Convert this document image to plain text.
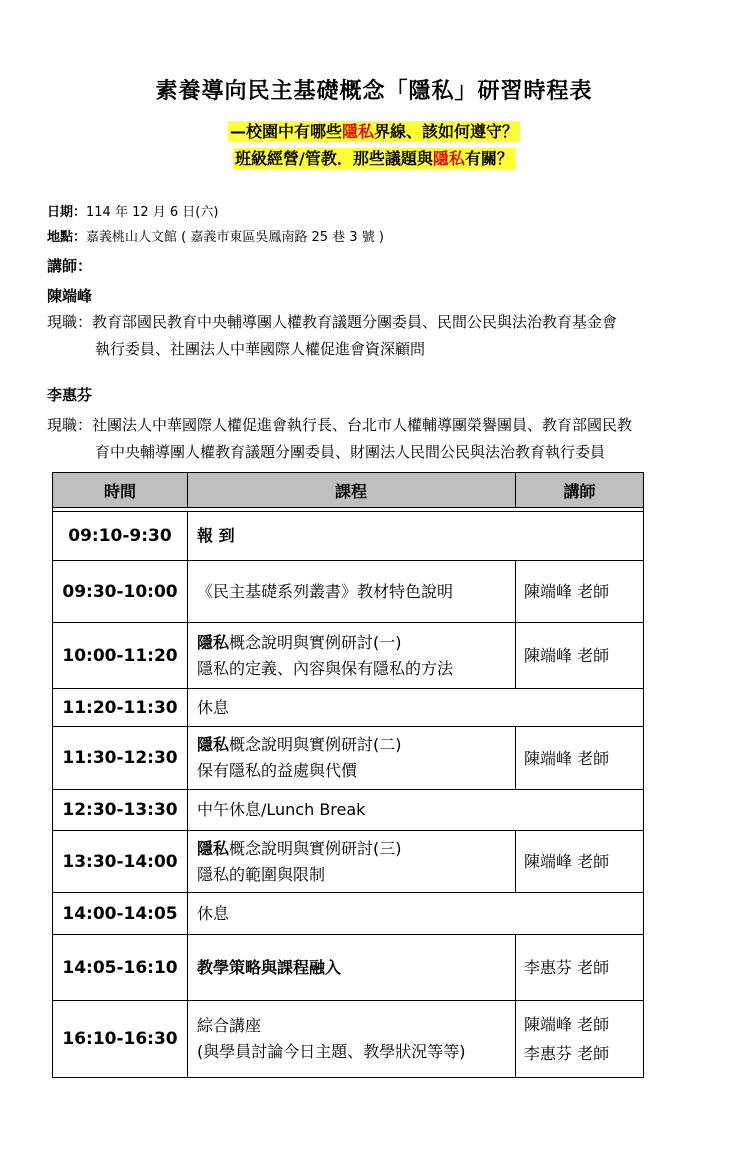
素養導向民主基礎概念「隱私」研習時程表
—校園中有哪些隱私界線、該如何遵守？
班級經營/管教．那些議題與隱私有關？
日期：114 年 12 月 6 日(六)
地點：嘉義桃山人文館 ( 嘉義市東區吳鳳南路 25 巷 3 號 )
講師：
陳端峰
現職：教育部國民教育中央輔導團人權教育議題分團委員、民間公民與法治教育基金會
執行委員、社團法人中華國際人權促進會資深顧問
李惠芬
現職：社團法人中華國際人權促進會執行長、台北市人權輔導團榮譽團員、教育部國民教
育中央輔導團人權教育議題分團委員、財團法人民間公民與法治教育執行委員
時間	課程	講師

09:10-9:30	報 到	
09:30-10:00	《民主基礎系列叢書》教材特色說明	陳端峰 老師
10:00-11:20	隱私概念說明與實例研討(一)
隱私的定義、內容與保有隱私的方法	陳端峰 老師
11:20-11:30	休息	
11:30-12:30	隱私概念說明與實例研討(二)
保有隱私的益處與代價	陳端峰 老師
12:30-13:30	中午休息/Lunch Break	
13:30-14:00	隱私概念說明與實例研討(三)
隱私的範圍與限制	陳端峰 老師
14:00-14:05	休息	
14:05-16:10	教學策略與課程融入	李惠芬 老師
16:10-16:30	綜合講座
(與學員討論今日主題、教學狀況等等)	陳端峰 老師
李惠芬 老師
